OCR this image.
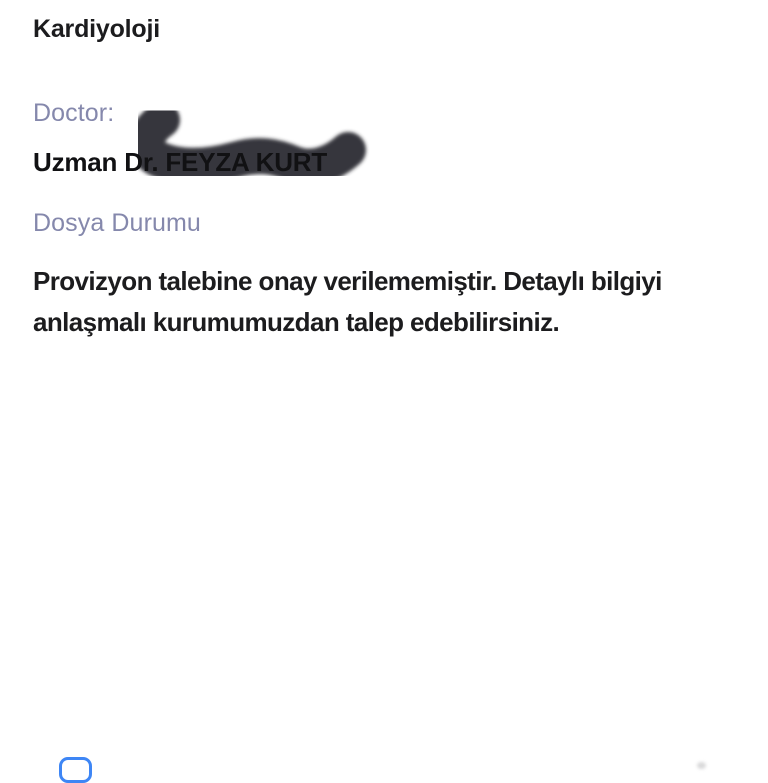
Kardiyoloji
Doctor:
Uzman Dr. FEYZA KURT
Dosya Durumu
Provizyon talebine onay verilememiştir. Detaylı bilgiyi anlaşmalı kurumumuzdan talep edebilirsiniz.
